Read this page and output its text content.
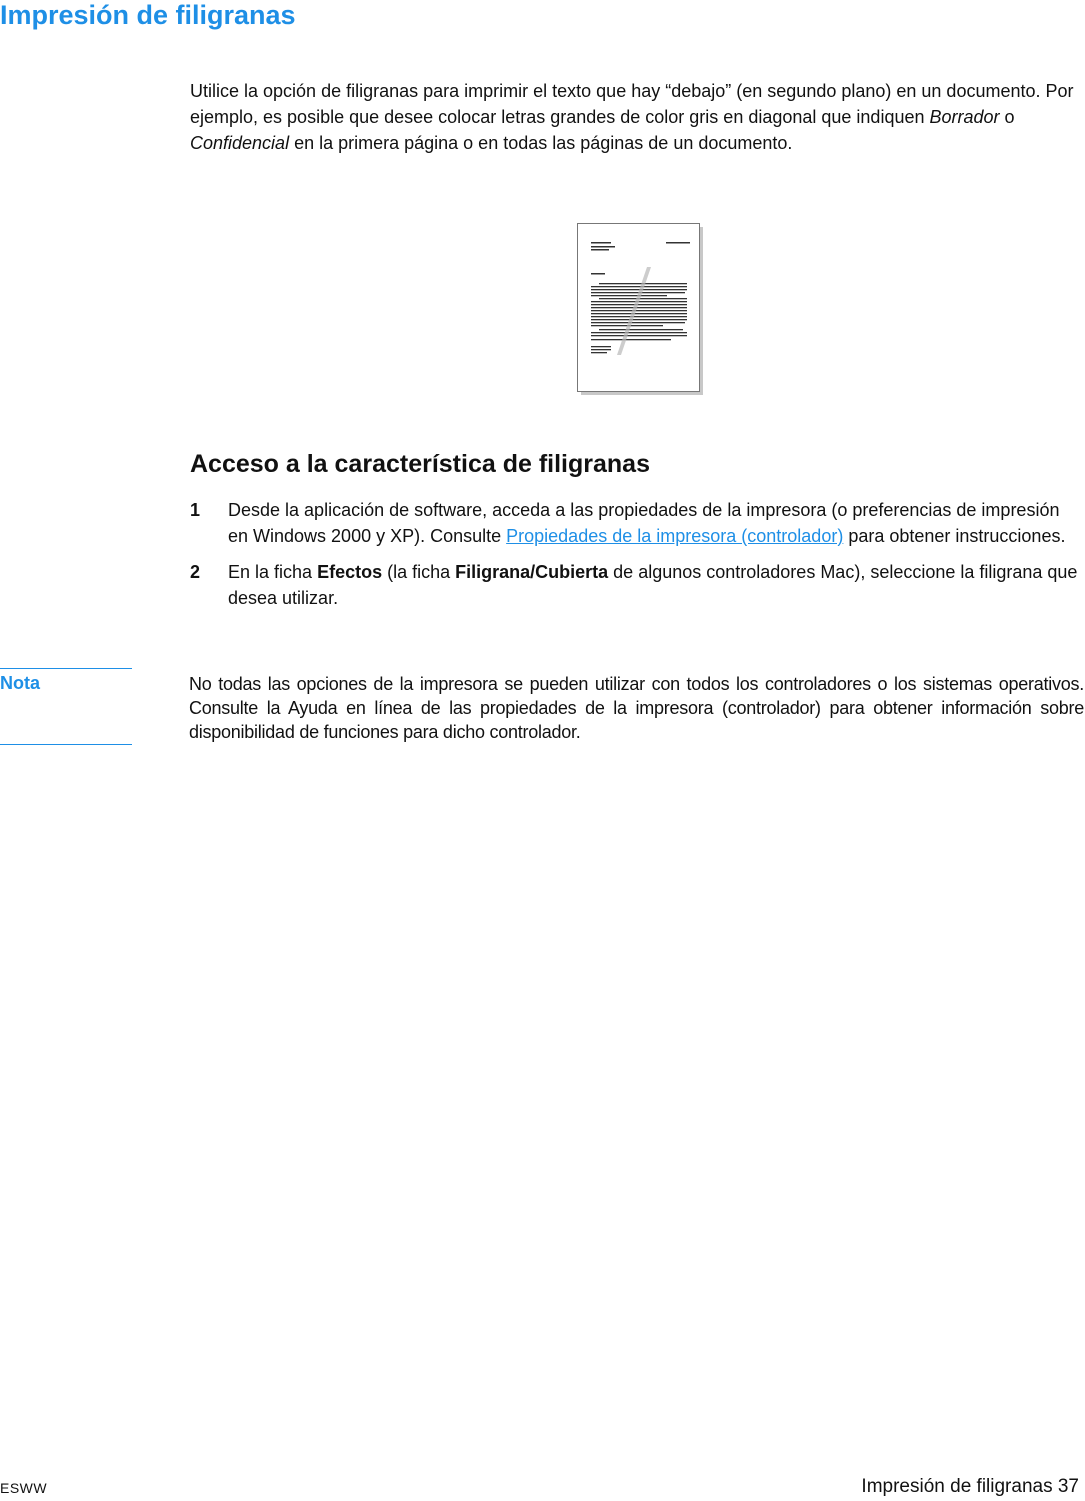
Impresión de filigranas

Utilice la opción de filigranas para imprimir el texto que hay “debajo” (en segundo plano) en un documento. Por ejemplo, es posible que desee colocar letras grandes de color gris en diagonal que indiquen Borrador o Confidencial en la primera página o en todas las páginas de un documento.

Acceso a la característica de filigranas
1	Desde la aplicación de software, acceda a las propiedades de la impresora (o preferencias de impresión en Windows 2000 y XP). Consulte Propiedades de la impresora (controlador) para obtener instrucciones.
2	En la ficha Efectos (la ficha Filigrana/Cubierta de algunos controladores Mac), seleccione la filigrana que desea utilizar.
Nota	No todas las opciones de la impresora se pueden utilizar con todos los controladores o los sistemas operativos. Consulte la Ayuda en línea de las propiedades de la impresora (controlador) para obtener información sobre disponibilidad de funciones para dicho controlador.
ESWW	Impresión de filigranas 37
